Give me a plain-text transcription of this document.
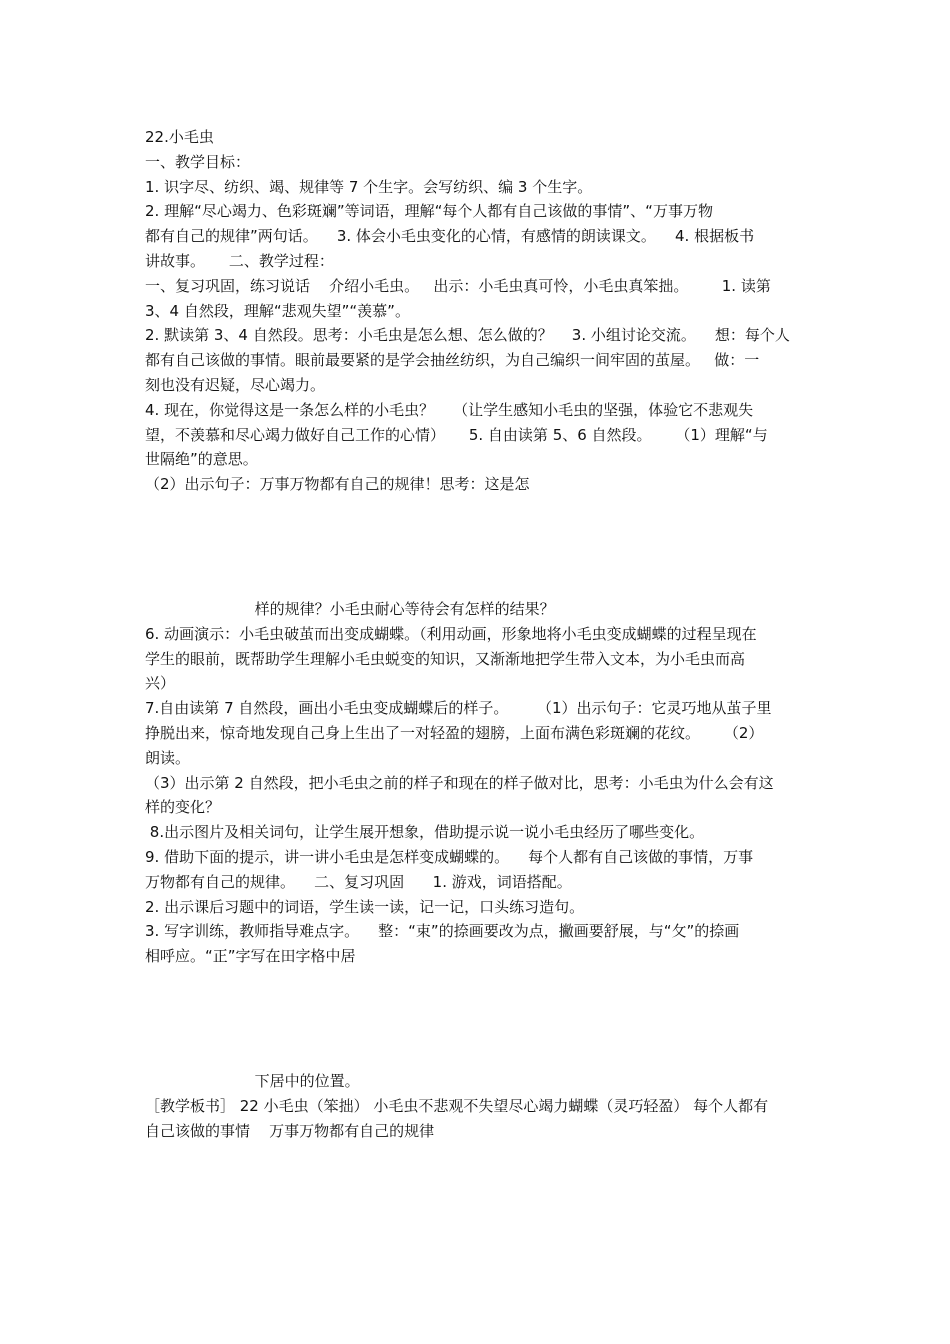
22.小毛虫

一、教学目标：

1. 识字尽、纺织、竭、规律等 7 个生字。会写纺织、编 3 个生字。

2. 理解“尽心竭力、色彩斑斓”等词语，理解“每个人都有自己该做的事情”、“万事万物

都有自己的规律”两句话。    3. 体会小毛虫变化的心情，有感情的朗读课文。    4. 根据板书

讲故事。     二、教学过程：

一、复习巩固，练习说话    介绍小毛虫。   出示：小毛虫真可怜，小毛虫真笨拙。       1. 读第

3、4 自然段，理解“悲观失望”“羡慕”。

2. 默读第 3、4 自然段。思考：小毛虫是怎么想、怎么做的？    3. 小组讨论交流。    想：每个人

都有自己该做的事情。眼前最要紧的是学会抽丝纺织，为自己编织一间牢固的茧屋。   做：一

刻也没有迟疑，尽心竭力。

4. 现在，你觉得这是一条怎么样的小毛虫？    （让学生感知小毛虫的坚强，体验它不悲观失

望，不羡慕和尽心竭力做好自己工作的心情）     5. 自由读第 5、6 自然段。     （1）理解“与

世隔绝”的意思。

（2）出示句子：万事万物都有自己的规律！思考：这是怎

样的规律？小毛虫耐心等待会有怎样的结果？

6. 动画演示：小毛虫破茧而出变成蝴蝶。（利用动画，形象地将小毛虫变成蝴蝶的过程呈现在

学生的眼前，既帮助学生理解小毛虫蜕变的知识，又渐渐地把学生带入文本，为小毛虫而高

兴）

7.自由读第 7 自然段，画出小毛虫变成蝴蝶后的样子。      （1）出示句子：它灵巧地从茧子里

挣脱出来，惊奇地发现自己身上生出了一对轻盈的翅膀，上面布满色彩斑斓的花纹。     （2）

朗读。

（3）出示第 2 自然段，把小毛虫之前的样子和现在的样子做对比，思考：小毛虫为什么会有这

样的变化？

8.出示图片及相关词句，让学生展开想象，借助提示说一说小毛虫经历了哪些变化。

9. 借助下面的提示，讲一讲小毛虫是怎样变成蝴蝶的。    每个人都有自己该做的事情，万事

万物都有自己的规律。    二、复习巩固      1. 游戏，词语搭配。

2. 出示课后习题中的词语，学生读一读，记一记，口头练习造句。

3. 写字训练，教师指导难点字。    整：“束”的捺画要改为点，撇画要舒展，与“攵”的捺画

相呼应。“正”字写在田字格中居

下居中的位置。

［教学板书］ 22 小毛虫（笨拙） 小毛虫不悲观不失望尽心竭力蝴蝶（灵巧轻盈） 每个人都有

自己该做的事情    万事万物都有自己的规律
